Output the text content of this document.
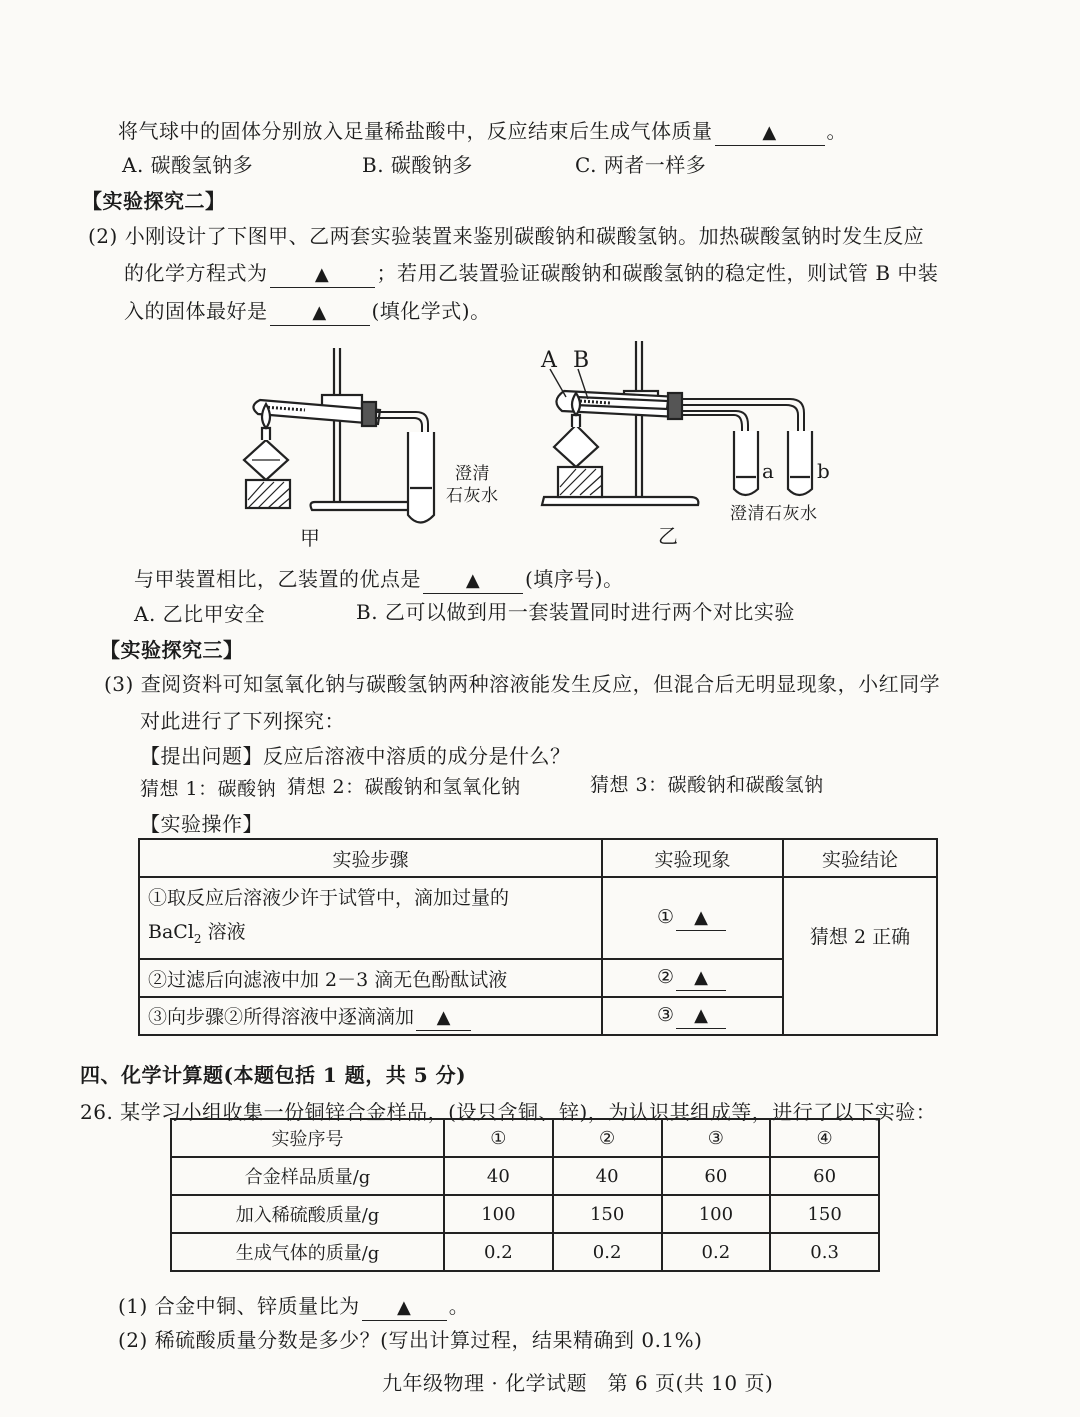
将气球中的固体分别放入足量稀盐酸中，反应结束后生成气体质量	▲ 。
A. 碳酸氢钠多	B. 碳酸钠多	C. 两者一样多
【实验探究二】
(2) 小刚设计了下图甲、乙两套实验装置来鉴别碳酸钠和碳酸氢钠。加热碳酸氢钠时发生反应
的化学方程式为	▲ ；若用乙装置验证碳酸钠和碳酸氢钠的稳定性，则试管 B 中装
入的固体最好是 ▲ (填化学式)。
澄清
石灰水
甲
A B
a b
澄清石灰水
乙
与甲装置相比，乙装置的优点是 ▲ (填序号)。
A. 乙比甲安全	B. 乙可以做到用一套装置同时进行两个对比实验
【实验探究三】
(3) 查阅资料可知氢氧化钠与碳酸氢钠两种溶液能发生反应，但混合后无明显现象，小红同学
对此进行了下列探究：
【提出问题】反应后溶液中溶质的成分是什么？
猜想 1：碳酸钠 猜想 2：碳酸钠和氢氧化钠	猜想 3：碳酸钠和碳酸氢钠
【实验操作】
实验步骤	实验现象	实验结论

①取反应后溶液少许于试管中，滴加过量的
BaCl$_2$ 溶液	① ▲	猜想 2 正确
②过滤后向滤液中加 2－3 滴无色酚酞试液	② ▲	
③向步骤②所得溶液中逐滴滴加 ▲	③ ▲	
四、化学计算题(本题包括 1 题，共 5 分)
26. 某学习小组收集一份铜锌合金样品，(设只含铜、锌)，为认识其组成等，进行了以下实验：
实验序号	①	②	③	④
合金样品质量/g	40	40	60	60
加入稀硫酸质量/g	100	150	100	150
生成气体的质量/g	0.2	0.2	0.2	0.3
(1) 合金中铜、锌质量比为 ▲ 。
(2) 稀硫酸质量分数是多少？(写出计算过程，结果精确到 0.1%)
九年级物理 · 化学试题　第 6 页(共 10 页)
